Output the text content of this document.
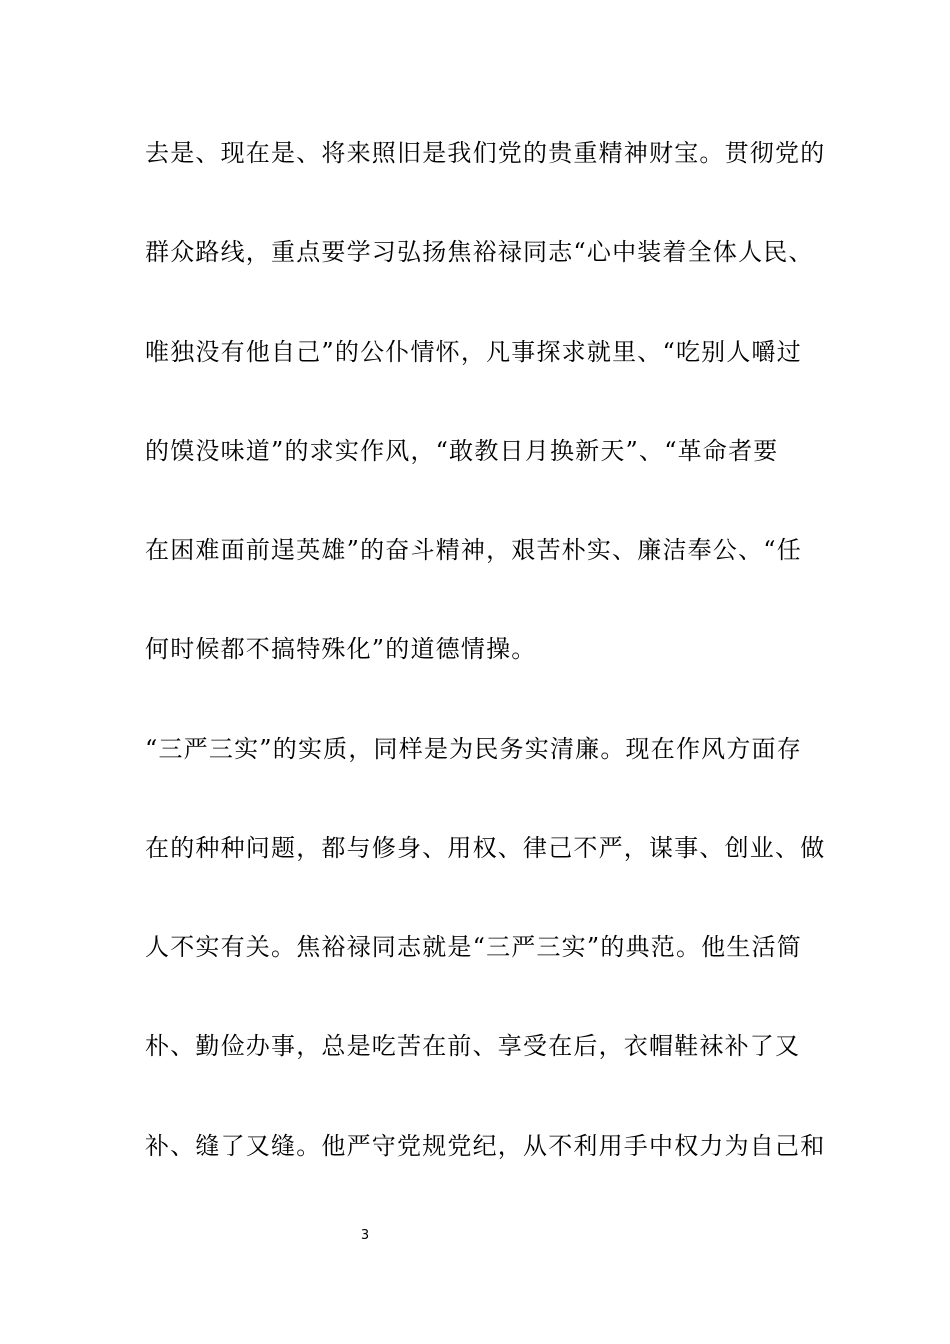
去是、现在是、将来照旧是我们党的贵重精神财宝。贯彻党的
群众路线，重点要学习弘扬焦裕禄同志“心中装着全体人民、
唯独没有他自己”的公仆情怀，凡事探求就里、“吃别人嚼过
的馍没味道”的求实作风，“敢教日月换新天”、“革命者要
在困难面前逞英雄”的奋斗精神，艰苦朴实、廉洁奉公、“任
何时候都不搞特殊化”的道德情操。
“三严三实”的实质，同样是为民务实清廉。现在作风方面存
在的种种问题，都与修身、用权、律己不严，谋事、创业、做
人不实有关。焦裕禄同志就是“三严三实”的典范。他生活简
朴、勤俭办事，总是吃苦在前、享受在后，衣帽鞋袜补了又
补、缝了又缝。他严守党规党纪，从不利用手中权力为自己和
3
